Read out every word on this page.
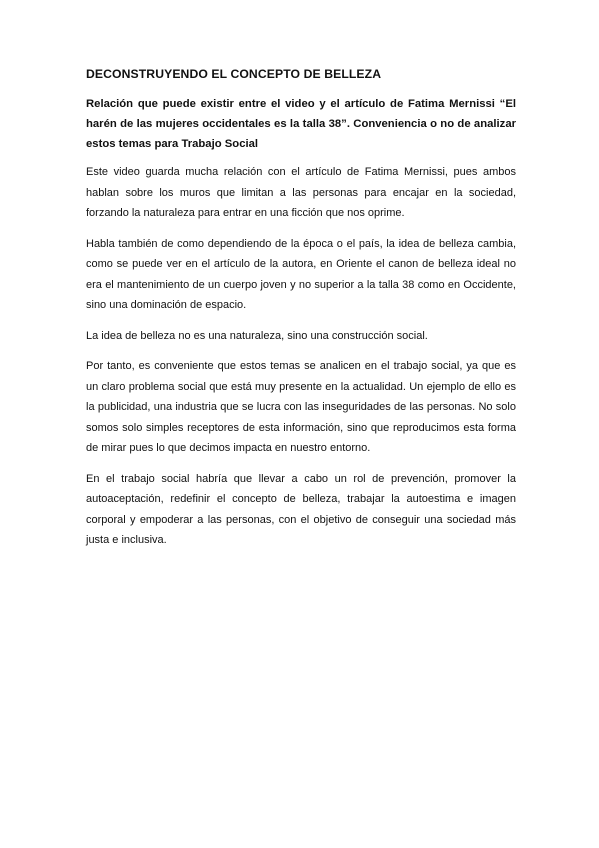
DECONSTRUYENDO EL CONCEPTO DE BELLEZA

Relación que puede existir entre el video y el artículo de Fatima Mernissi “El harén de las mujeres occidentales es la talla 38”. Conveniencia o no de analizar estos temas para Trabajo Social

Este video guarda mucha relación con el artículo de Fatima Mernissi, pues ambos hablan sobre los muros que limitan a las personas para encajar en la sociedad, forzando la naturaleza para entrar en una ficción que nos oprime.

Habla también de como dependiendo de la época o el país, la idea de belleza cambia, como se puede ver en el artículo de la autora, en Oriente el canon de belleza ideal no era el mantenimiento de un cuerpo joven y no superior a la talla 38 como en Occidente, sino una dominación de espacio.

La idea de belleza no es una naturaleza, sino una construcción social.

Por tanto, es conveniente que estos temas se analicen en el trabajo social, ya que es un claro problema social que está muy presente en la actualidad. Un ejemplo de ello es la publicidad, una industria que se lucra con las inseguridades de las personas. No solo somos solo simples receptores de esta información, sino que reproducimos esta forma de mirar pues lo que decimos impacta en nuestro entorno.

En el trabajo social habría que llevar a cabo un rol de prevención, promover la autoaceptación, redefinir el concepto de belleza, trabajar la autoestima e imagen corporal y empoderar a las personas, con el objetivo de conseguir una sociedad más justa e inclusiva.
